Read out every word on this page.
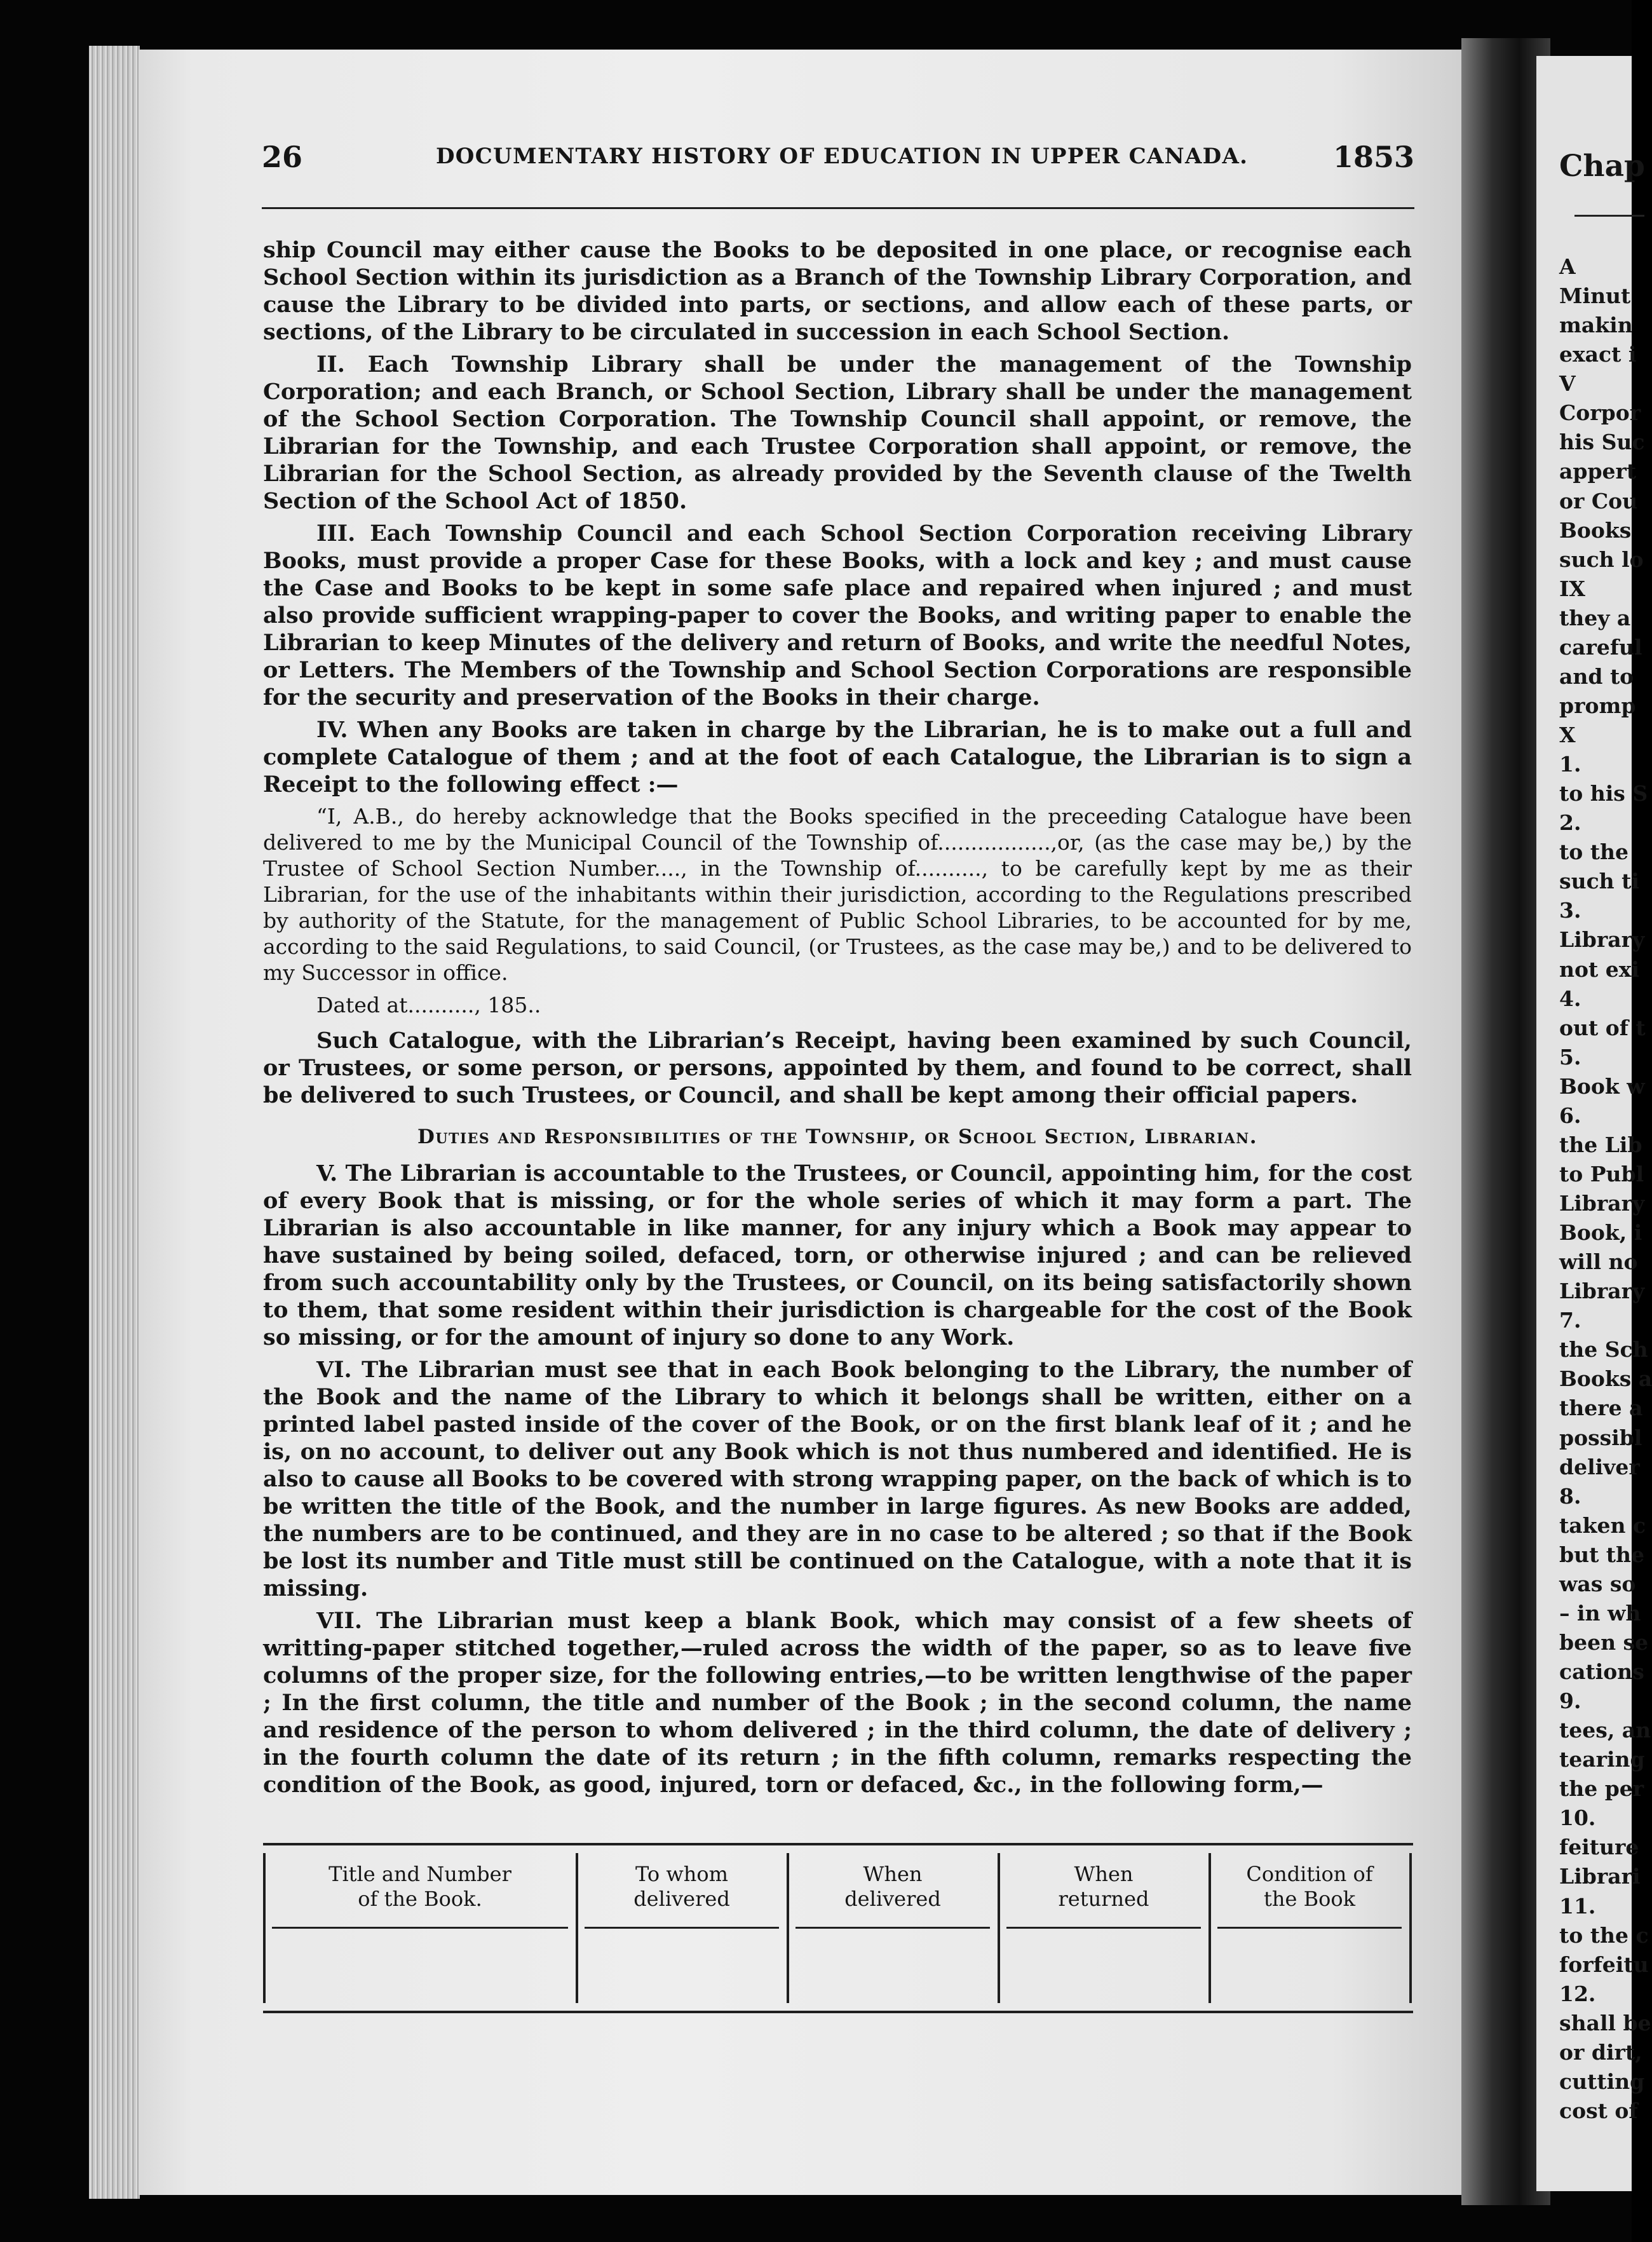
26	DOCUMENTARY HISTORY OF EDUCATION IN UPPER CANADA.	1853

ship Council may either cause the Books to be deposited in one place, or recognise each School Section within its jurisdiction as a Branch of the Township Library Corporation, and cause the Library to be divided into parts, or sections, and allow each of these parts, or sections, of the Library to be circulated in succession in each School Section.

II. Each Township Library shall be under the management of the Township Corporation; and each Branch, or School Section, Library shall be under the management of the School Section Corporation. The Township Council shall appoint, or remove, the Librarian for the Township, and each Trustee Corporation shall appoint, or remove, the Librarian for the School Section, as already provided by the Seventh clause of the Twelth Section of the School Act of 1850.

III. Each Township Council and each School Section Corporation receiving Library Books, must provide a proper Case for these Books, with a lock and key ; and must cause the Case and Books to be kept in some safe place and repaired when injured ; and must also provide sufficient wrapping-paper to cover the Books, and writing paper to enable the Librarian to keep Minutes of the delivery and return of Books, and write the needful Notes, or Letters. The Members of the Township and School Section Corporations are responsible for the security and preservation of the Books in their charge.

IV. When any Books are taken in charge by the Librarian, he is to make out a full and complete Catalogue of them ; and at the foot of each Catalogue, the Librarian is to sign a Receipt to the following effect :—

“I, A.B., do hereby acknowledge that the Books specified in the preceeding Catalogue have been delivered to me by the Municipal Council of the Township of.................,or, (as the case may be,) by the Trustee of School Section Number...., in the Township of.........., to be carefully kept by me as their Librarian, for the use of the inhabitants within their jurisdiction, according to the Regulations prescribed by authority of the Statute, for the management of Public School Libraries, to be accounted for by me, according to the said Regulations, to said Council, (or Trustees, as the case may be,) and to be delivered to my Successor in office.

Dated at.........., 185..

Such Catalogue, with the Librarian’s Receipt, having been examined by such Council, or Trustees, or some person, or persons, appointed by them, and found to be correct, shall be delivered to such Trustees, or Council, and shall be kept among their official papers.

Duties and Responsibilities of the Township, or School Section, Librarian.

V. The Librarian is accountable to the Trustees, or Council, appointing him, for the cost of every Book that is missing, or for the whole series of which it may form a part. The Librarian is also accountable in like manner, for any injury which a Book may appear to have sustained by being soiled, defaced, torn, or otherwise injured ; and can be relieved from such accountability only by the Trustees, or Council, on its being satisfactorily shown to them, that some resident within their jurisdiction is chargeable for the cost of the Book so missing, or for the amount of injury so done to any Work.

VI. The Librarian must see that in each Book belonging to the Library, the number of the Book and the name of the Library to which it belongs shall be written, either on a printed label pasted inside of the cover of the Book, or on the first blank leaf of it ; and he is, on no account, to deliver out any Book which is not thus numbered and identified. He is also to cause all Books to be covered with strong wrapping paper, on the back of which is to be written the title of the Book, and the number in large figures. As new Books are added, the numbers are to be continued, and they are in no case to be altered ; so that if the Book be lost its number and Title must still be continued on the Catalogue, with a note that it is missing.

VII. The Librarian must keep a blank Book, which may consist of a few sheets of writting-paper stitched together,—ruled across the width of the paper, so as to leave five columns of the proper size, for the following entries,—to be written lengthwise of the paper ; In the first column, the title and number of the Book ; in the second column, the name and residence of the person to whom delivered ; in the third column, the date of delivery ; in the fourth column the date of its return ; in the fifth column, remarks respecting the condition of the Book, as good, injured, torn or defaced, &c., in the following form,—

Title and Number
of the Book.
To whom
delivered
When
delivered
When
returned
Condition of
the Book
Chap
A
Minut
makin
exact i
V
Corpor
his Suc
appert
or Cou
Books
such lo
IX
they a
careful
and to
promp
X
1.
to his S
2.
to the
such ti
3.
Library
not exi
4.
out of t
5.
Book w
6.
the Lib
to Publ
Library
Book, i
will no
Library
7.
the Sch
Books a
there a
possibl
deliver
8.
taken c
but the
was so
– in wh
been se
cations
9.
tees, an
tearing
the per
10.
feiture
Librari
11.
to the c
forfeitu
12.
shall be
or dirt,
cutting
cost of
